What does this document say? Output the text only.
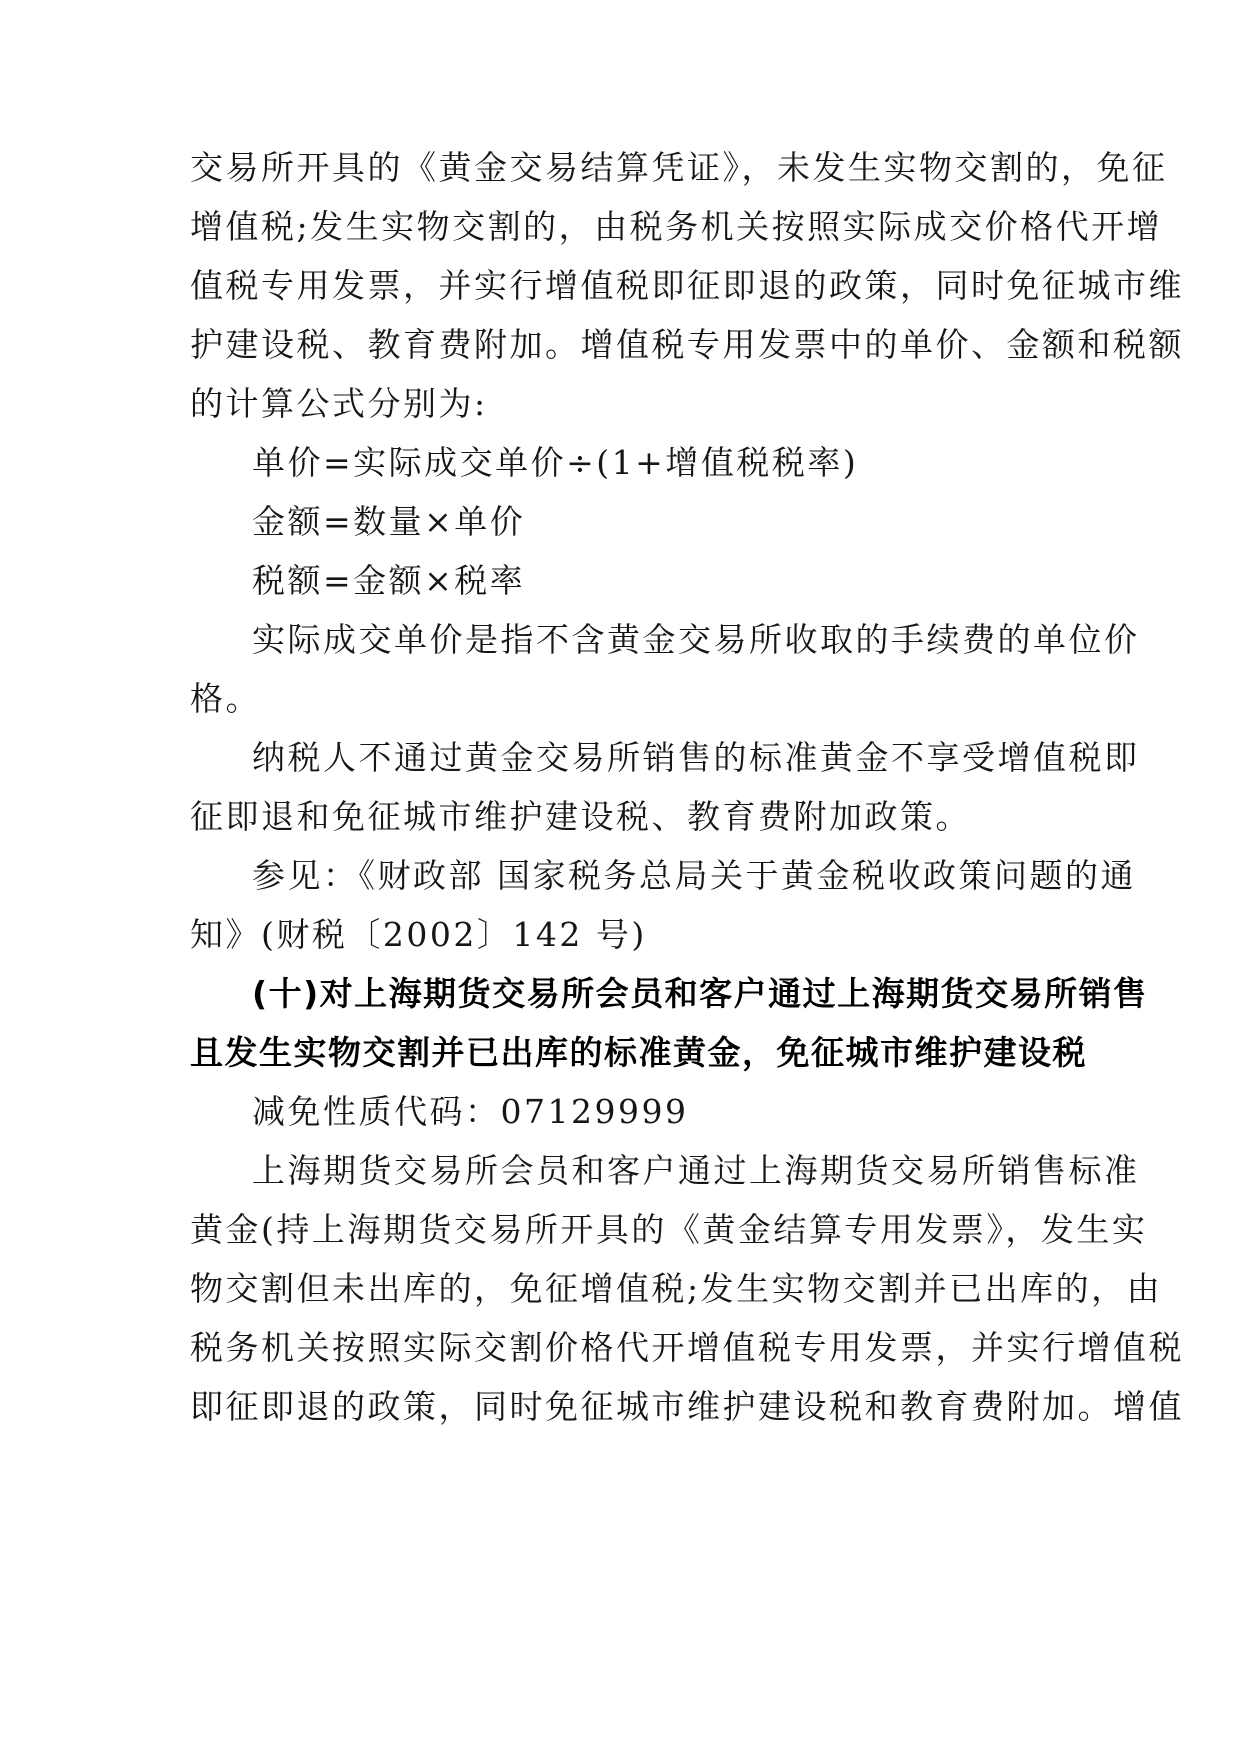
交易所开具的《黄金交易结算凭证》，未发生实物交割的，免征
增值税;发生实物交割的，由税务机关按照实际成交价格代开增
值税专用发票，并实行增值税即征即退的政策，同时免征城市维
护建设税、教育费附加。增值税专用发票中的单价、金额和税额
的计算公式分别为:
单价=实际成交单价÷(1+增值税税率)
金额=数量×单价
税额=金额×税率
实际成交单价是指不含黄金交易所收取的手续费的单位价
格。
纳税人不通过黄金交易所销售的标准黄金不享受增值税即
征即退和免征城市维护建设税、教育费附加政策。
参见：《财政部 国家税务总局关于黄金税收政策问题的通
知》(财税〔2002〕142 号)
(十)对上海期货交易所会员和客户通过上海期货交易所销售
且发生实物交割并已出库的标准黄金，免征城市维护建设税
减免性质代码：07129999
上海期货交易所会员和客户通过上海期货交易所销售标准
黄金(持上海期货交易所开具的《黄金结算专用发票》，发生实
物交割但未出库的，免征增值税;发生实物交割并已出库的，由
税务机关按照实际交割价格代开增值税专用发票，并实行增值税
即征即退的政策，同时免征城市维护建设税和教育费附加。增值
